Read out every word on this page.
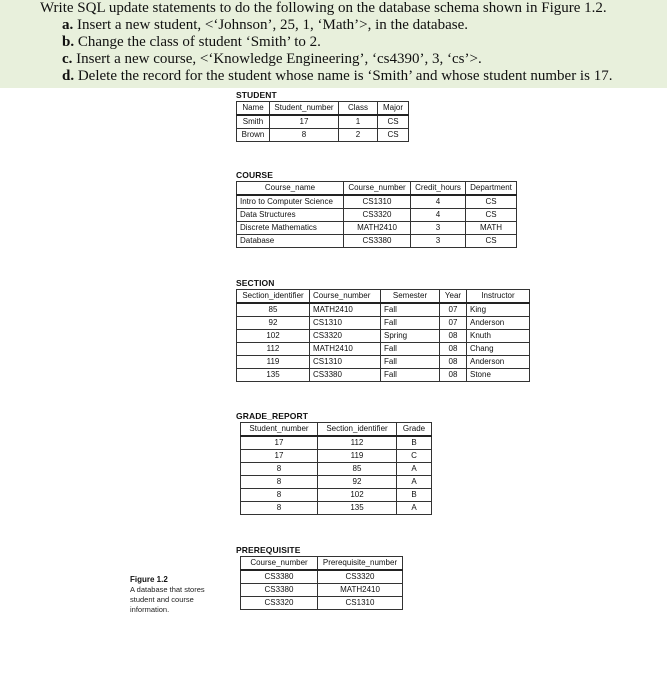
Write SQL update statements to do the following on the database schema shown in Figure 1.2.
a. Insert a new student, <‘Johnson’, 25, 1, ‘Math’>, in the database.
b. Change the class of student ‘Smith’ to 2.
c. Insert a new course, <‘Knowledge Engineering’, ‘cs4390’, 3, ‘cs’>.
d. Delete the record for the student whose name is ‘Smith’ and whose student number is 17.
STUDENT
Name	Student_number	Class	Major
Smith	17	1	CS
Brown	8	2	CS
COURSE
Course_name	Course_number	Credit_hours	Department
Intro to Computer Science	CS1310	4	CS
Data Structures	CS3320	4	CS
Discrete Mathematics	MATH2410	3	MATH
Database	CS3380	3	CS
SECTION
Section_identifier	Course_number	Semester	Year	Instructor
85	MATH2410	Fall	07	King
92	CS1310	Fall	07	Anderson
102	CS3320	Spring	08	Knuth
112	MATH2410	Fall	08	Chang
119	CS1310	Fall	08	Anderson
135	CS3380	Fall	08	Stone
GRADE_REPORT
Student_number	Section_identifier	Grade
17	112	B
17	119	C
8	85	A
8	92	A
8	102	B
8	135	A
PREREQUISITE
Course_number	Prerequisite_number
CS3380	CS3320
CS3380	MATH2410
CS3320	CS1310
Figure 1.2
A database that stores student and course information.
